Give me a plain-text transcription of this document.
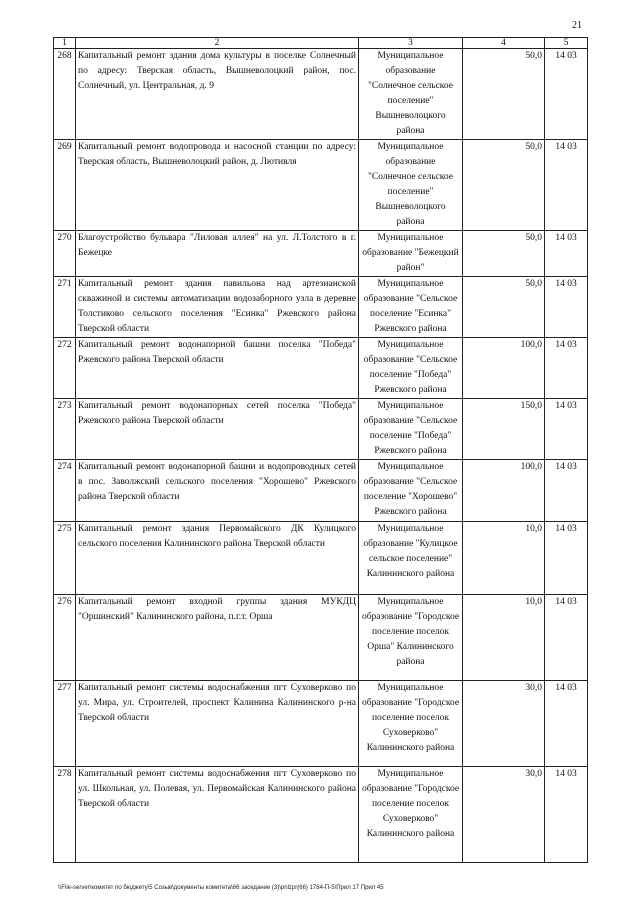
21
1	2	3	4	5
268	Капитальный ремонт здания дома культуры в поселке Солнечный по адресу: Тверская область, Вышневолоцкий район, пос. Солнечный, ул. Центральная, д. 9	Муниципальное образование "Солнечное сельское поселение" Вышневолоцкого района	50,0	14 03
269	Капитальный ремонт водопровода и насосной станции по адресу: Тверская область, Вышневолоцкий район, д. Лютивля	Муниципальное образование "Солнечное сельское поселение" Вышневолоцкого района	50,0	14 03
270	Благоустройство бульвара "Лиловая аллея" на ул. Л.Толстого в г. Бежецке	Муниципальное образование "Бежецкий район"	50,0	14 03
271	Капитальный ремонт здания павильона над артезианской скважиной и системы автоматизации водозаборного узла в деревне Толстиково сельского поселения "Есинка" Ржевского района Тверской области	Муниципальное образование "Сельское поселение "Есинка" Ржевского района	50,0	14 03
272	Капитальный ремонт водонапорной башни поселка "Победа" Ржевского района Тверской области	Муниципальное образование "Сельское поселение "Победа" Ржевского района	100,0	14 03
273	Капитальный ремонт водонапорных сетей поселка "Победа" Ржевского района Тверской области	Муниципальное образование "Сельское поселение "Победа" Ржевского района	150,0	14 03
274	Капитальный ремонт водонапорной башни и водопроводных сетей в пос. Заволжский сельского поселения "Хорошево" Ржевского района Тверской области	Муниципальное образование "Сельское поселение "Хорошево" Ржевского района	100,0	14 03
275	Капитальный ремонт здания Первомайского ДК Кулицкого сельского поселения Калининского района Тверской области	Муниципальное образование "Кулицкое сельское поселение" Калининского района	10,0	14 03
276	Капитальный ремонт входной группы здания МУКДЦ "Оршинский" Калининского района, п.г.т. Орша	Муниципальное образование "Городское поселение поселок Орша" Калининского района	10,0	14 03
277	Капитальный ремонт системы водоснабжения пгт Суховерково по ул. Мира, ул. Строителей, проспект Калинина Калининского р-на Тверской области	Муниципальное образование "Городское поселение поселок Суховерково" Калининского района	30,0	14 03
278	Капитальный ремонт системы водоснабжения пгт Суховерково по ул. Школьная, ул. Полевая, ул. Первомайская Калининского района Тверской области	Муниципальное образование "Городское поселение поселок Суховерково" Калининского района	30,0	14 03
\\File-server\комитет по бюджету\5 Созыв\документы комитета\66 заседание (3)\prilzpr(66) 1784-П-5\Прил 17 Прил 45
